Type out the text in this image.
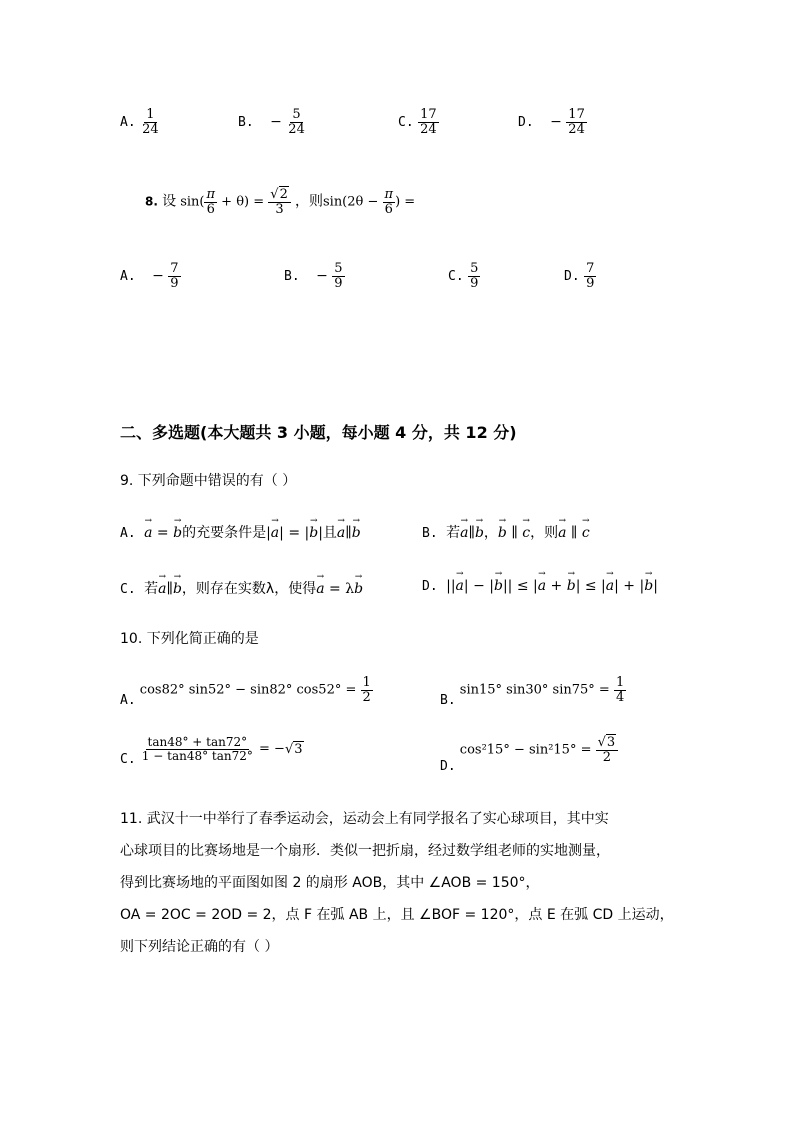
A. $\frac{1}{24}$	B. − $\frac{5}{24}$	C. $\frac{17}{24}$	D. − $\frac{17}{24}$
8. 设 $\sin( \frac{\pi}{6} + \theta) = \frac{√2}{3}$ ，则$\sin(2\theta - \frac{\pi}{6}$ ) =
A. − $\frac{7}{9}$	B. − $\frac{5}{9}$	C. $\frac{5}{9}$	D. $\frac{7}{9}$
二、多选题(本大题共 3 小题，每小题 4 分，共 12 分)
9. 下列命题中错误的有（ ）
A. → a = → b的充要条件是|→ a| = |→ b|且→ a∥→ b	B. 若→ a∥→ b，→ b ∥ → c，则→ a ∥ → c
C. 若→ a∥→ b，则存在实数λ，使得→ a = λ→ b	D. ||→ a| − |→ b|| ≤ |→ a + → b| ≤ |→ a| + |→ b|
10. 下列化简正确的是
A. cos82° sin52° − sin82° $\cos 52^\circ = \frac{1}{2}$	B. sin15° sin30° $\sin 75^\circ = \frac{1}{4}$
C. $\frac{\tan 48^\circ + \tan 72^\circ}{1 - \tan 48^\circ \tan 72^\circ} = -√3$
D. $\cos^215^\circ - \sin^215^\circ = \frac{√3}{2}$
11. 武汉十一中举行了春季运动会，运动会上有同学报名了实心球项目，其中实
心球项目的比赛场地是一个扇形．类似一把折扇，经过数学组老师的实地测量，
得到比赛场地的平面图如图 2 的扇形 AOB，其中 ∠AOB = 150°，
OA = 2OC = 2OD = 2，点 F 在弧 AB 上，且 ∠BOF = 120°，点 E 在弧 CD 上运动，
则下列结论正确的有（ ）
